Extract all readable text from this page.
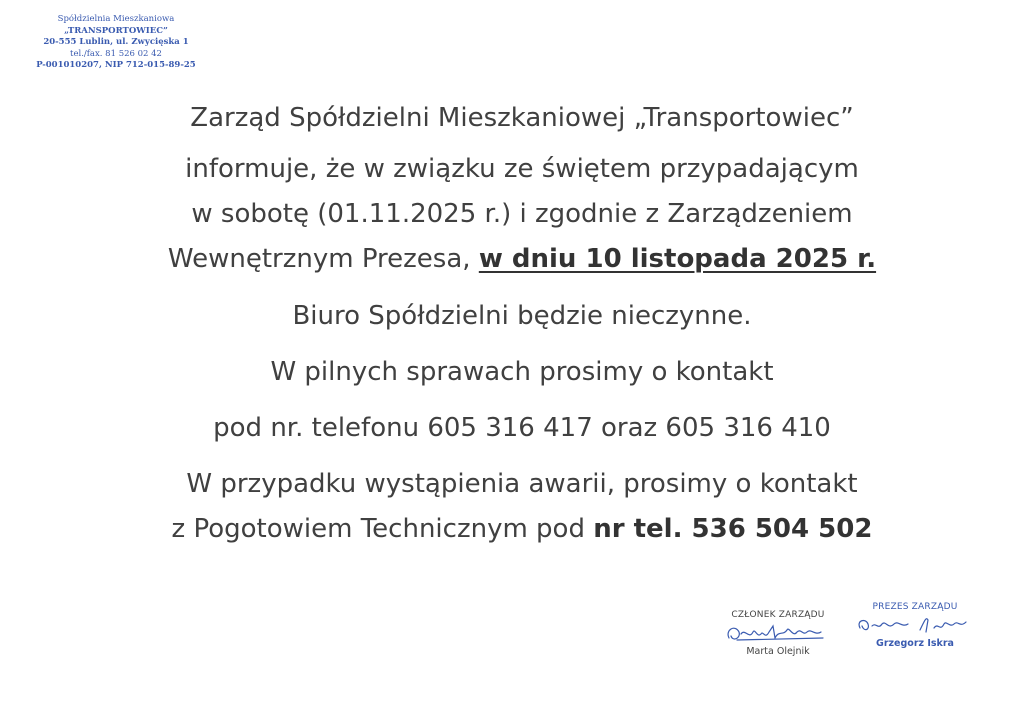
Spółdzielnia Mieszkaniowa
„TRANSPORTOWIEC”
20-555 Lublin, ul. Zwycięska 1
tel./fax. 81 526 02 42
P-001010207, NIP 712-015-89-25
Zarząd Spółdzielni Mieszkaniowej „Transportowiec”
informuje, że w związku ze świętem przypadającym
w sobotę (01.11.2025 r.) i zgodnie z Zarządzeniem
Wewnętrznym Prezesa, w dniu 10 listopada 2025 r.
Biuro Spółdzielni będzie nieczynne.
W pilnych sprawach prosimy o kontakt
pod nr. telefonu 605 316 417 oraz 605 316 410
W przypadku wystąpienia awarii, prosimy o kontakt
z Pogotowiem Technicznym pod nr tel. 536 504 502
CZŁONEK ZARZĄDU
Marta Olejnik
PREZES ZARZĄDU
Grzegorz Iskra
